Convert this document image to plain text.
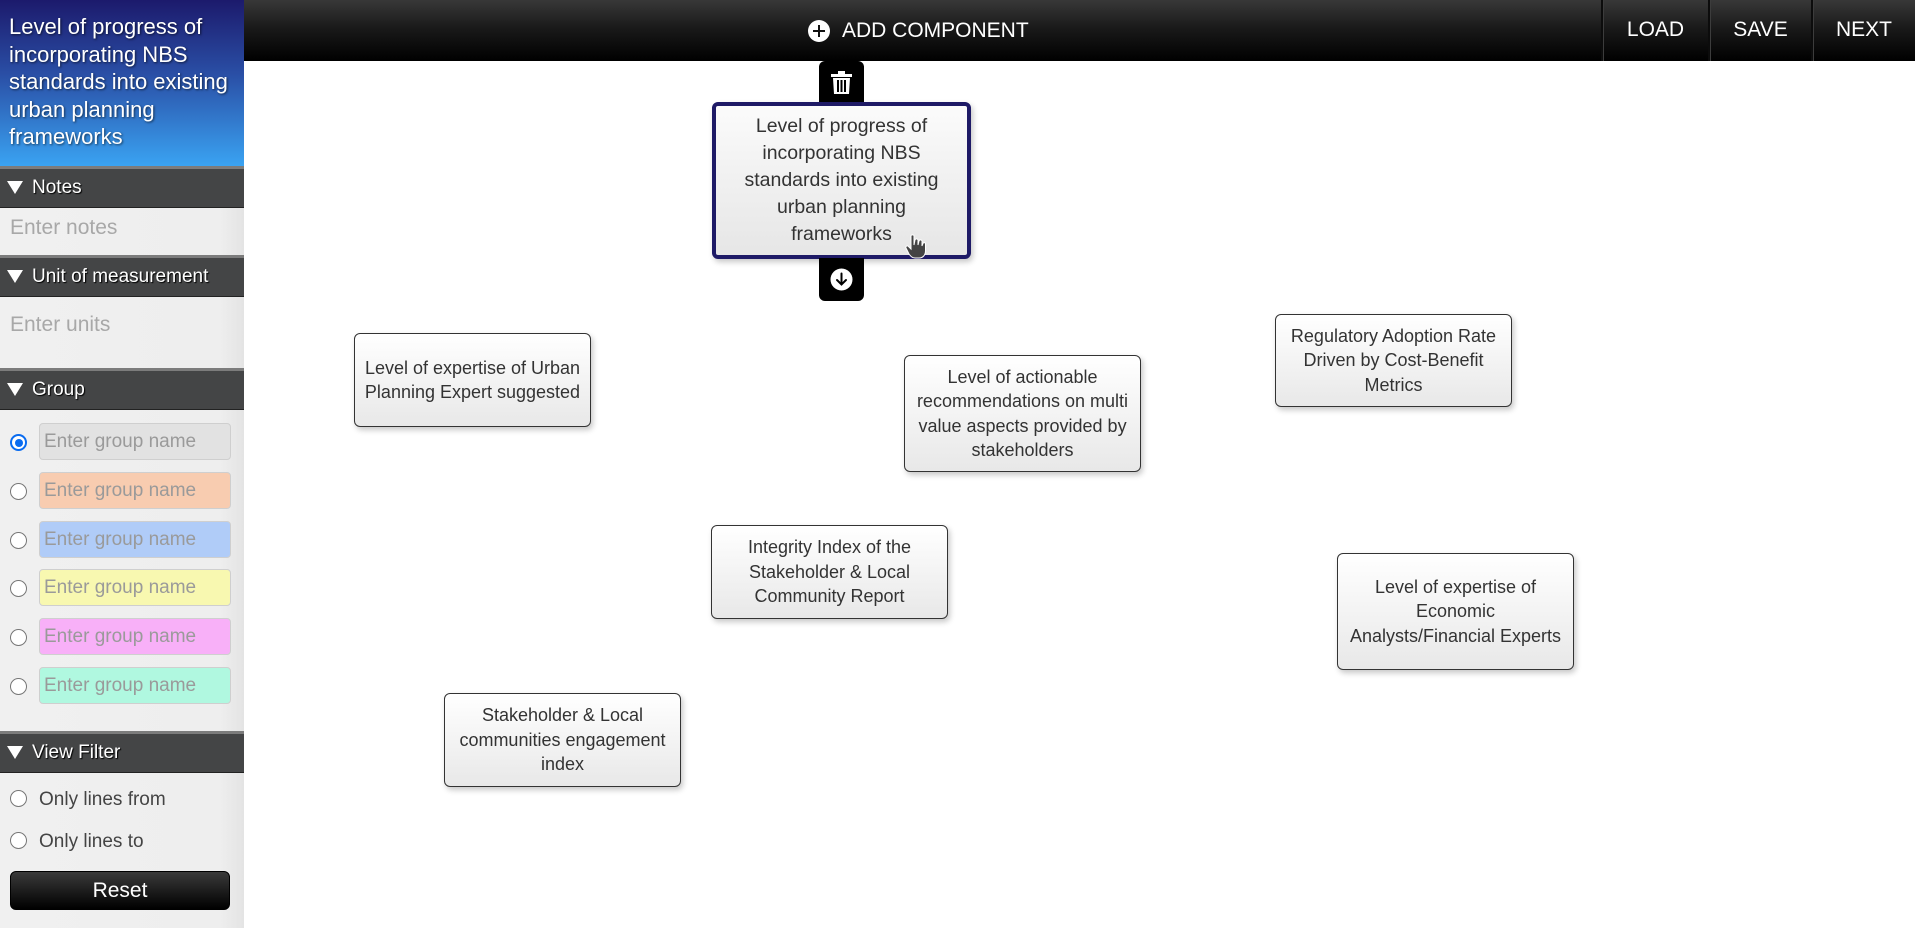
Level of progress of incorporating NBS standards into existing urban planning frameworks
Notes
Enter notes
Unit of measurement
Enter units
Group
Enter group name
Enter group name
Enter group name
Enter group name
Enter group name
Enter group name
View Filter
Only lines from
Only lines to
Reset
ADD COMPONENT	LOAD	SAVE	NEXT
Level of progress of incorporating NBS standards into existing urban planning frameworks
Level of expertise of Urban Planning Expert suggested
Level of actionable recommendations on multi value aspects provided by stakeholders
Regulatory Adoption Rate Driven by Cost-Benefit Metrics
Integrity Index of the Stakeholder & Local Community Report	Level of expertise of Economic Analysts/Financial Experts
Stakeholder & Local communities engagement index
